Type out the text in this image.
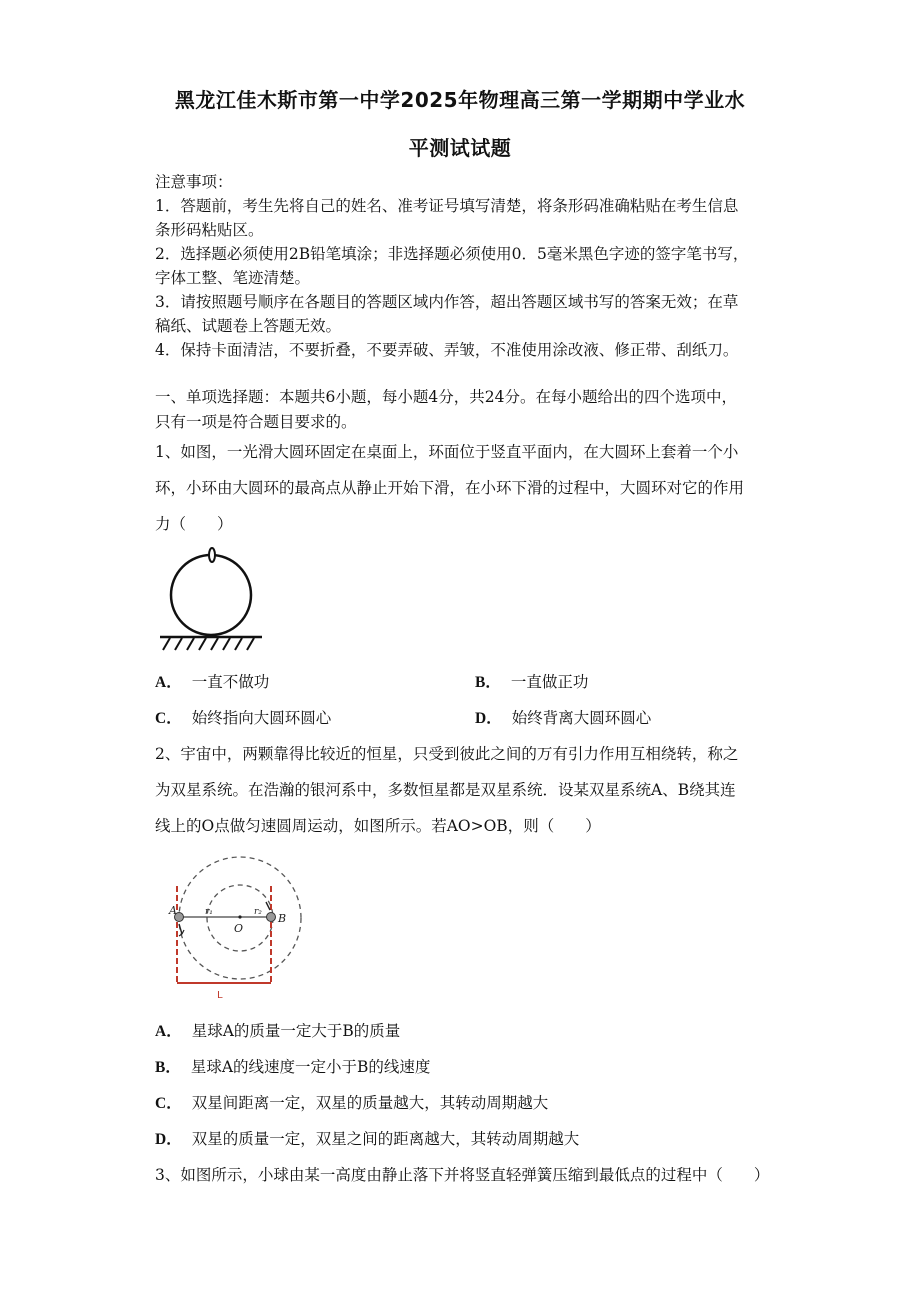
黑龙江佳木斯市第一中学2025年物理高三第一学期期中学业水
平测试试题
注意事项：
1．答题前，考生先将自己的姓名、准考证号填写清楚，将条形码准确粘贴在考生信息
条形码粘贴区。
2．选择题必须使用2B铅笔填涂；非选择题必须使用0．5毫米黑色字迹的签字笔书写，
字体工整、笔迹清楚。
3．请按照题号顺序在各题目的答题区域内作答，超出答题区域书写的答案无效；在草
稿纸、试题卷上答题无效。
4．保持卡面清洁，不要折叠，不要弄破、弄皱，不准使用涂改液、修正带、刮纸刀。
一、单项选择题：本题共6小题，每小题4分，共24分。在每小题给出的四个选项中，
只有一项是符合题目要求的。
1、如图，一光滑大圆环固定在桌面上，环面位于竖直平面内，在大圆环上套着一个小
环，小环由大圆环的最高点从静止开始下滑，在小环下滑的过程中，大圆环对它的作用
力（　　）
A． 一直不做功	B． 一直做正功
C． 始终指向大圆环圆心	D． 始终背离大圆环圆心
2、宇宙中，两颗靠得比较近的恒星，只受到彼此之间的万有引力作用互相绕转，称之
为双星系统。在浩瀚的银河系中，多数恒星都是双星系统．设某双星系统A、B绕其连
线上的O点做匀速圆周运动，如图所示。若AO>OB，则（　　）
A
B
O
r₁	r₂
L
A． 星球A的质量一定大于B的质量
B． 星球A的线速度一定小于B的线速度
C． 双星间距离一定，双星的质量越大，其转动周期越大
D． 双星的质量一定，双星之间的距离越大，其转动周期越大
3、如图所示，小球由某一高度由静止落下并将竖直轻弹簧压缩到最低点的过程中（　　）
